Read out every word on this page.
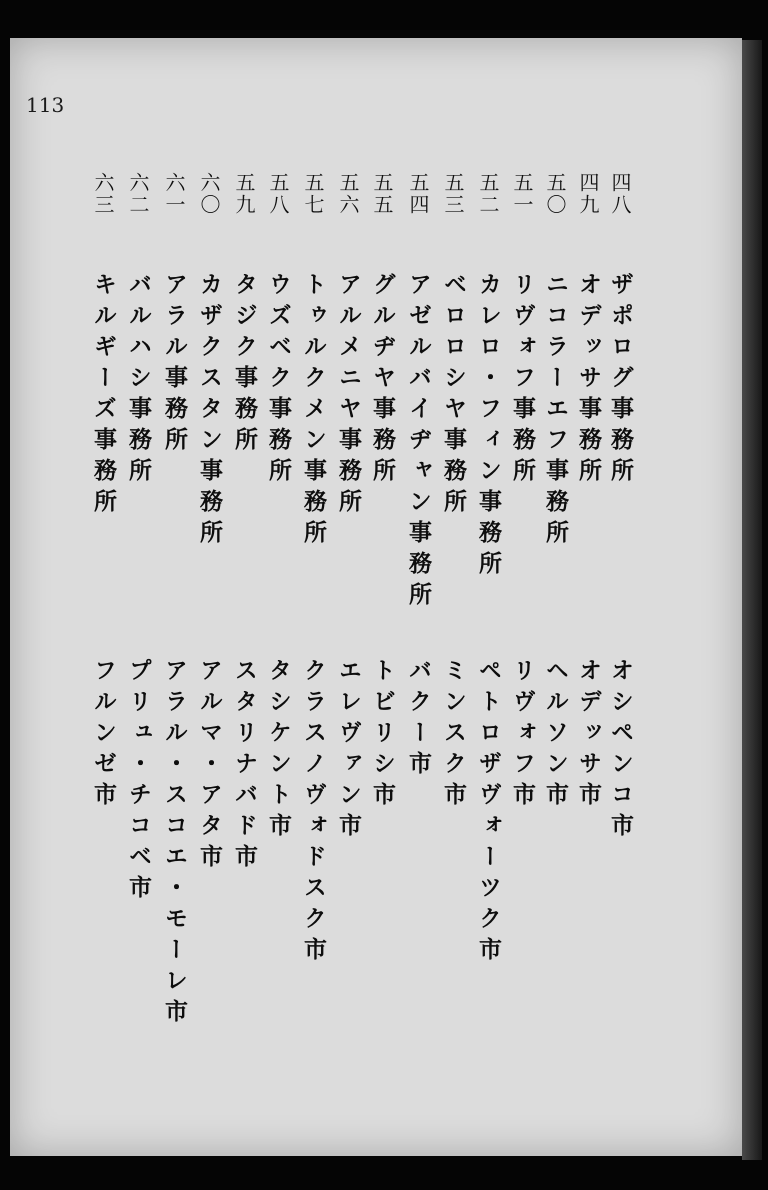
113
四八
ザポログ事務所
オシペンコ市
四九
オデッサ事務所
オデッサ市
五〇
ニコラーエフ事務所
ヘルソン市
五一
リヴォフ事務所
リヴォフ市
五二
カレロ・フィン事務所
ペトロザヴォーツク市
五三
ベロロシヤ事務所
ミンスク市
五四
アゼルバイヂャン事務所
バクー市
五五
グルヂヤ事務所
トビリシ市
五六
アルメニヤ事務所
エレヴァン市
五七
トゥルクメン事務所
クラスノヴォドスク市
五八
ウズベク事務所
タシケント市
五九
タジク事務所
スタリナバド市
六〇
カザクスタン事務所
アルマ・アタ市
六一
アラル事務所
アラル・スコエ・モーレ市
六二
バルハシ事務所
プリュ・チコベ市
六三
キルギーズ事務所
フルンゼ市
